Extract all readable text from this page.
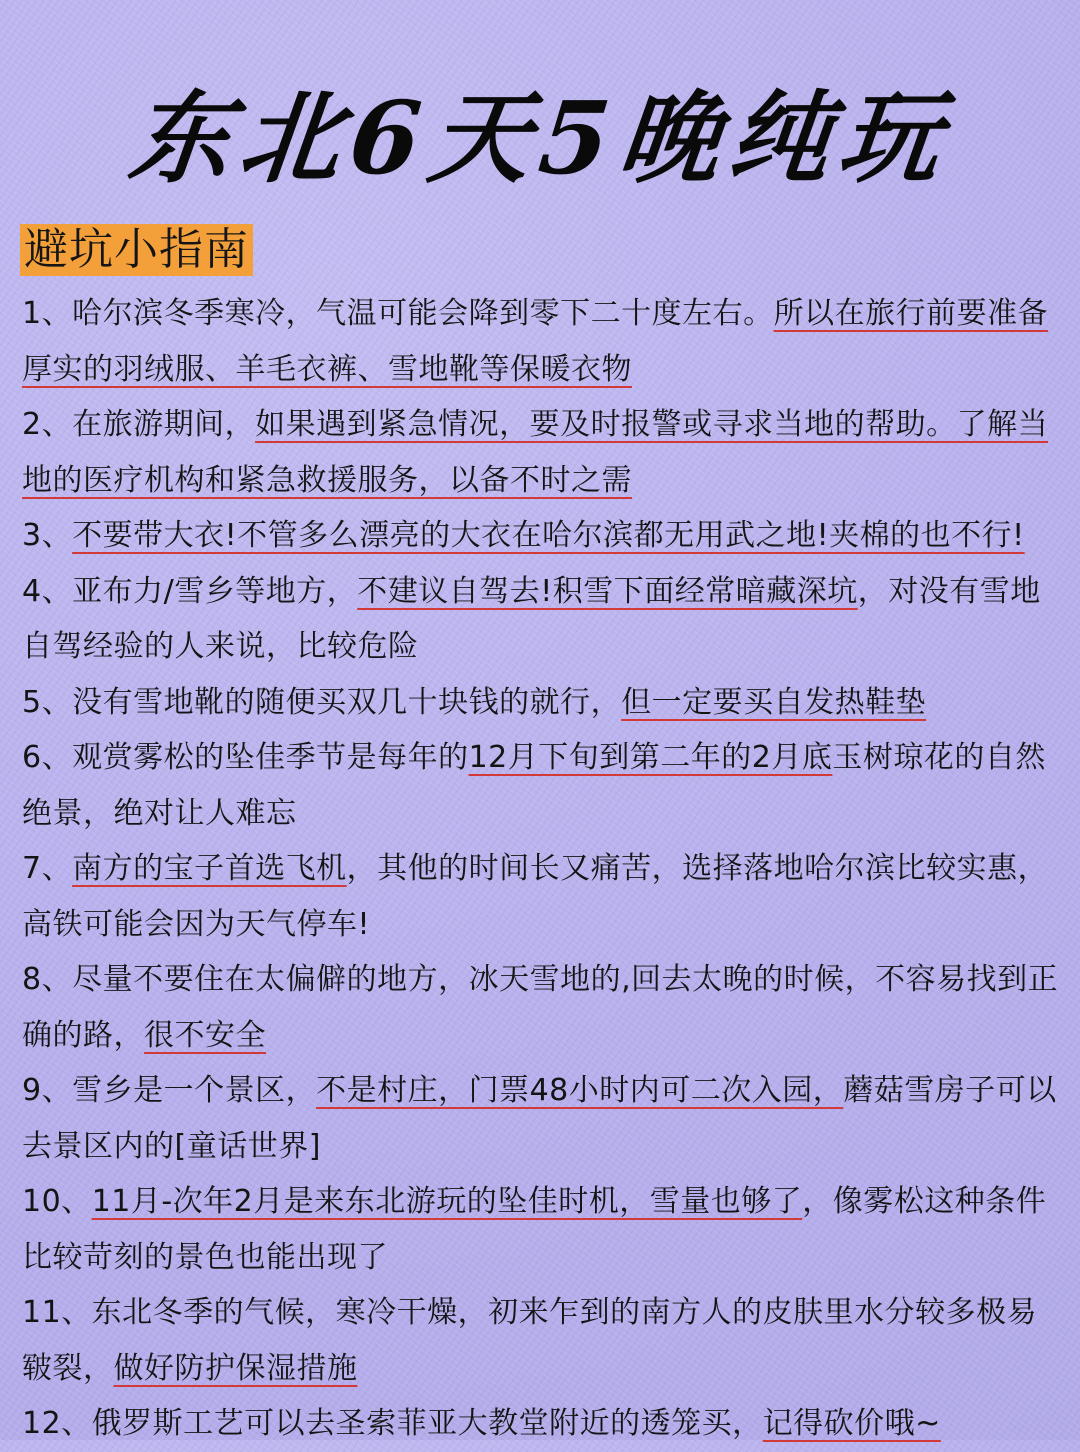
东北6天5晚纯玩
避坑小指南
1、哈尔滨冬季寒冷，气温可能会降到零下二十度左右。所以在旅行前要准备厚实的羽绒服、羊毛衣裤、雪地靴等保暖衣物
2、在旅游期间，如果遇到紧急情况，要及时报警或寻求当地的帮助。了解当地的医疗机构和紧急救援服务，以备不时之需
3、不要带大衣!不管多么漂亮的大衣在哈尔滨都无用武之地!夹棉的也不行!
4、亚布力/雪乡等地方，不建议自驾去!积雪下面经常暗藏深坑，对没有雪地自驾经验的人来说，比较危险
5、没有雪地靴的随便买双几十块钱的就行，但一定要买自发热鞋垫
6、观赏雾松的坠佳季节是每年的12月下旬到第二年的2月底玉树琼花的自然绝景，绝对让人难忘
7、南方的宝子首选飞机，其他的时间长又痛苦，选择落地哈尔滨比较实惠，高铁可能会因为天气停车!
8、尽量不要住在太偏僻的地方，冰天雪地的,回去太晚的时候，不容易找到正确的路，很不安全
9、雪乡是一个景区，不是村庄，门票48小时内可二次入园，蘑菇雪房子可以去景区内的[童话世界]
10、11月-次年2月是来东北游玩的坠佳时机，雪量也够了，像雾松这种条件比较苛刻的景色也能出现了
11、东北冬季的气候，寒冷干燥，初来乍到的南方人的皮肤里水分较多极易皲裂，做好防护保湿措施
12、俄罗斯工艺可以去圣索菲亚大教堂附近的透笼买，记得砍价哦~
